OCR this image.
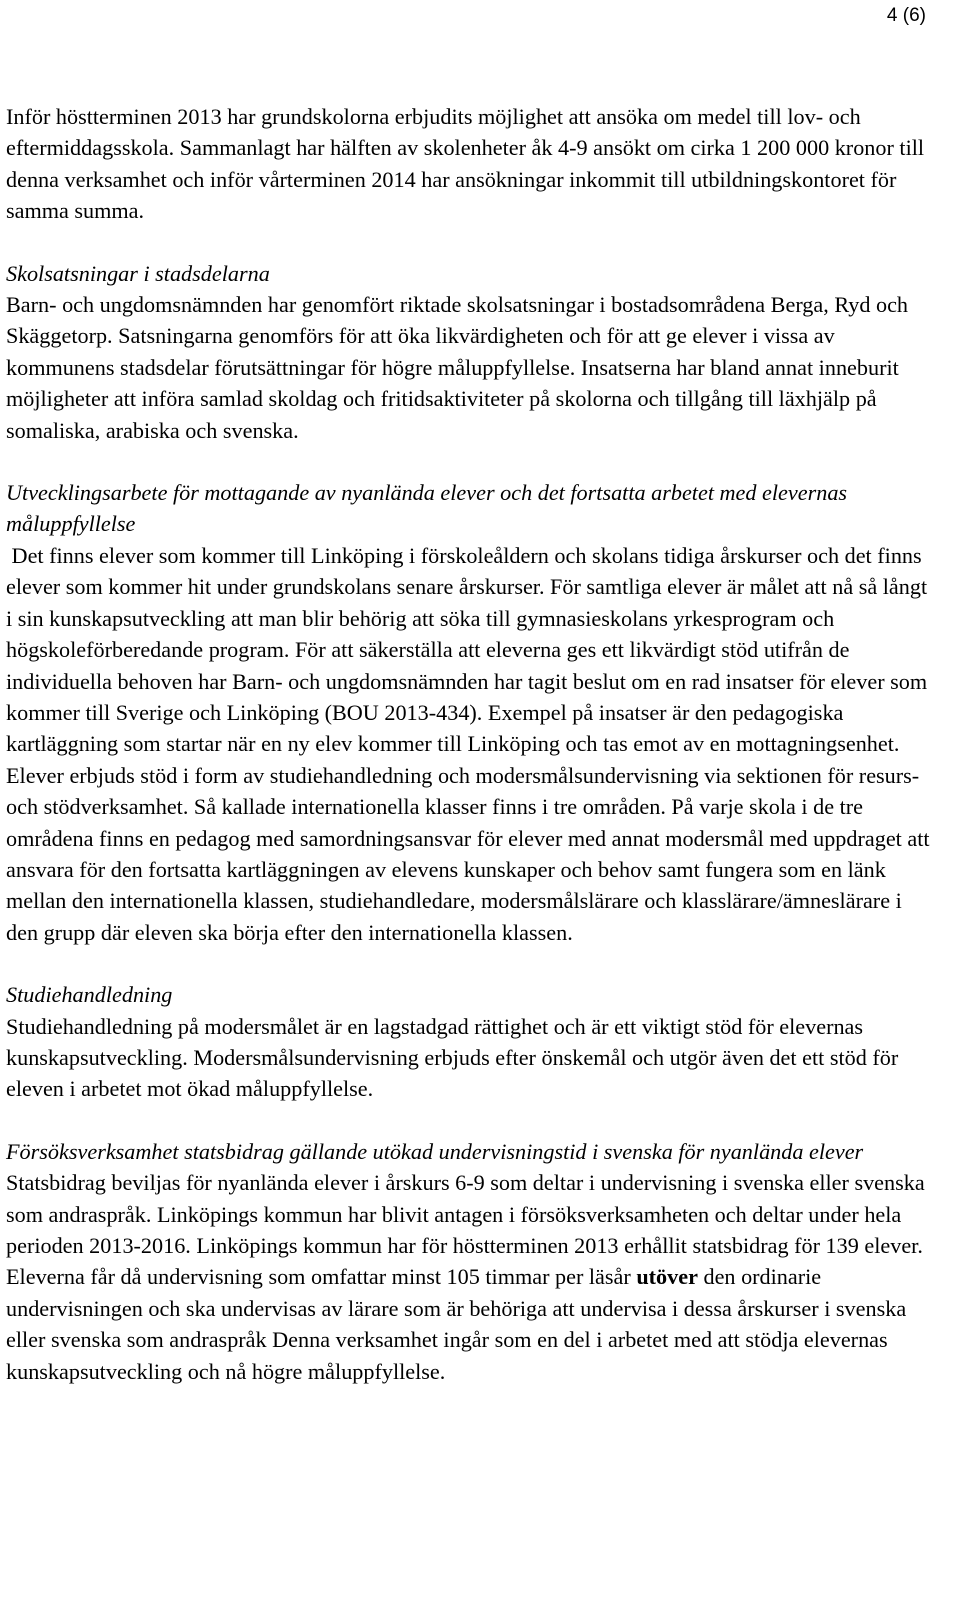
4 (6)

Inför höstterminen 2013 har grundskolorna erbjudits möjlighet att ansöka om medel till lov- och eftermiddagsskola. Sammanlagt har hälften av skolenheter åk 4-9 ansökt om cirka 1 200 000 kronor till denna verksamhet och inför vårterminen 2014 har ansökningar inkommit till utbildningskontoret för samma summa.

Skolsatsningar i stadsdelarna

Barn- och ungdomsnämnden har genomfört riktade skolsatsningar i bostadsområdena Berga, Ryd och Skäggetorp. Satsningarna genomförs för att öka likvärdigheten och för att ge elever i vissa av kommunens stadsdelar förutsättningar för högre måluppfyllelse. Insatserna har bland annat inneburit möjligheter att införa samlad skoldag och fritidsaktiviteter på skolorna och tillgång till läxhjälp på somaliska, arabiska och svenska.

Utvecklingsarbete för mottagande av nyanlända elever och det fortsatta arbetet med elevernas måluppfyllelse

Det finns elever som kommer till Linköping i förskoleåldern och skolans tidiga årskurser och det finns elever som kommer hit under grundskolans senare årskurser. För samtliga elever är målet att nå så långt i sin kunskapsutveckling att man blir behörig att söka till gymnasieskolans yrkesprogram och högskoleförberedande program. För att säkerställa att eleverna ges ett likvärdigt stöd utifrån de individuella behoven har Barn- och ungdomsnämnden har tagit beslut om en rad insatser för elever som kommer till Sverige och Linköping (BOU 2013-434). Exempel på insatser är den pedagogiska kartläggning som startar när en ny elev kommer till Linköping och tas emot av en mottagningsenhet. Elever erbjuds stöd i form av studiehandledning och modersmålsundervisning via sektionen för resurs- och stödverksamhet. Så kallade internationella klasser finns i tre områden. På varje skola i de tre områdena finns en pedagog med samordningsansvar för elever med annat modersmål med uppdraget att ansvara för den fortsatta kartläggningen av elevens kunskaper och behov samt fungera som en länk mellan den internationella klassen, studiehandledare, modersmålslärare och klasslärare/ämneslärare i den grupp där eleven ska börja efter den internationella klassen.

Studiehandledning

Studiehandledning på modersmålet är en lagstadgad rättighet och är ett viktigt stöd för elevernas kunskapsutveckling. Modersmålsundervisning erbjuds efter önskemål och utgör även det ett stöd för eleven i arbetet mot ökad måluppfyllelse.

Försöksverksamhet statsbidrag gällande utökad undervisningstid i svenska för nyanlända elever

Statsbidrag beviljas för nyanlända elever i årskurs 6-9 som deltar i undervisning i svenska eller svenska som andraspråk. Linköpings kommun har blivit antagen i försöksverksamheten och deltar under hela perioden 2013-2016. Linköpings kommun har för höstterminen 2013 erhållit statsbidrag för 139 elever.  Eleverna får då undervisning som omfattar minst 105 timmar per läsår utöver den ordinarie undervisningen och ska undervisas av lärare som är behöriga att undervisa i dessa årskurser i svenska eller svenska som andraspråk Denna verksamhet ingår som en del i arbetet med att stödja elevernas kunskapsutveckling och nå högre måluppfyllelse.
